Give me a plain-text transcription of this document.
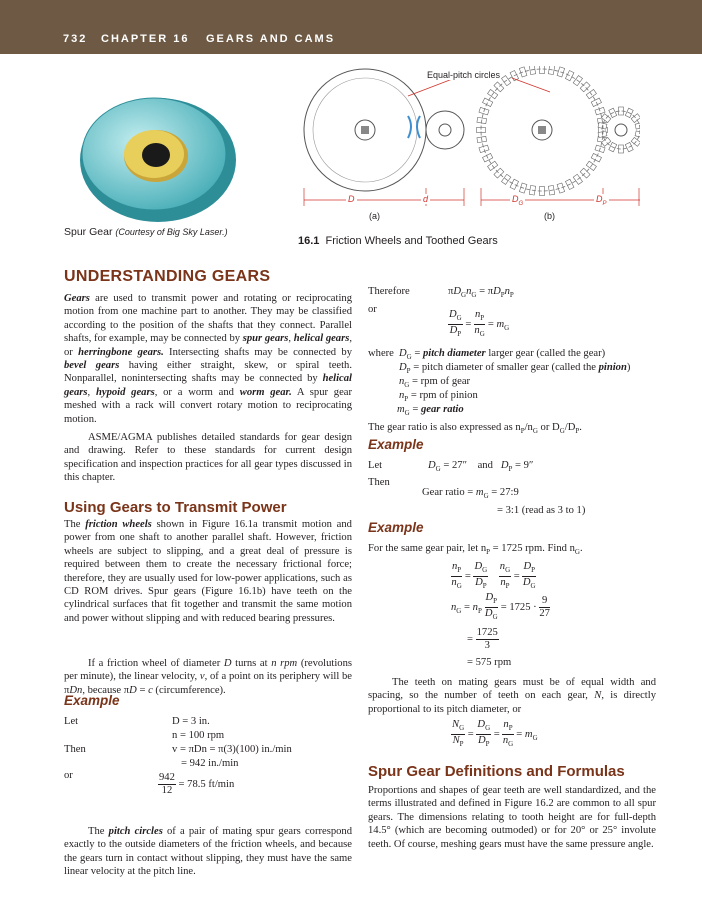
732 CHAPTER 16 GEARS AND CAMS
Spur Gear (Courtesy of Big Sky Laser.)
Equal-pitch circles
D	d	$D_G$	$D_P$
(a)	(b)
16.1 Friction Wheels and Toothed Gears
UNDERSTANDING GEARS
Gears are used to transmit power and rotating or reciprocating motion from one machine part to another. They may be classified according to the position of the shafts that they connect. Parallel shafts, for example, may be connected by spur gears, helical gears, or herringbone gears. Intersecting shafts may be connected by bevel gears having either straight, skew, or spiral teeth. Nonparallel, nonintersecting shafts may be connected by helical gears, hypoid gears, or a worm and worm gear. A spur gear meshed with a rack will convert rotary motion to reciprocating motion.
ASME/AGMA publishes detailed standards for gear design and drawing. Refer to these standards for current design specification and inspection practices for all gear types discussed in this chapter.
Using Gears to Transmit Power
The friction wheels shown in Figure 16.1a transmit motion and power from one shaft to another parallel shaft. However, friction wheels are subject to slipping, and a great deal of pressure is required between them to create the necessary frictional force; therefore, they are usually used for low-power applications, such as CD ROM drives. Spur gears (Figure 16.1b) have teeth on the cylindrical surfaces that fit together and transmit the same motion and power without slipping and with reduced bearing pressures.
If a friction wheel of diameter D turns at n rpm (revolutions per minute), the linear velocity, v, of a point on its periphery will be πDn, because πD = c (circumference).
Example
Let	D = 3 in.
n = 100 rpm
Then	v = πDn = π(3)(100) in./min
= 942 in./min
or	$\frac{942}{12} = 78.5$ ft/min
The pitch circles of a pair of mating spur gears correspond exactly to the outside diameters of the friction wheels, and because the gears turn in contact without slipping, they must have the same linear velocity at the pitch line.
Therefore	$\pi D_Gn_G = \pi D_Pn_P$
or	$\frac{D_G}{D_P} = \frac{n_P}{n_G} = m_G$
where $D_G$ = pitch diameter larger gear (called the gear)
$D_P$ = pitch diameter of smaller gear (called the pinion)
$n_G$ = rpm of gear
$n_P$ = rpm of pinion
$m_G$ = gear ratio
The gear ratio is also expressed as $n_P/n_G$ or $D_G/D_P$.
Example
Let	$D_G = 27''$    and   $D_P = 9''$
Then
Gear ratio = $m_G$ = 27:9
= 3:1 (read as 3 to 1)
Example
For the same gear pair, let $n_P = 1725$ rpm. Find $n_G$.
$\frac{n_P}{n_G} = \frac{D_G}{D_P}$
$\frac{n_G}{n_P} = \frac{D_P}{D_G}$
$n_G = n_P \frac{D_P}{D_G} = 1725 \cdot \frac{9}{27}$
= $\frac{1725}{3}$
= 575 rpm
The teeth on mating gears must be of equal width and spacing, so the number of teeth on each gear, N, is directly proportional to its pitch diameter, or
$\frac{N_G}{N_P} = \frac{D_G}{D_P} = \frac{n_P}{n_G} = m_G$
Spur Gear Definitions and Formulas
Proportions and shapes of gear teeth are well standardized, and the terms illustrated and defined in Figure 16.2 are common to all spur gears. The dimensions relating to tooth height are for full-depth 14.5° (which are becoming outmoded) or for 20° or 25° involute teeth. Of course, meshing gears must have the same pressure angle.
